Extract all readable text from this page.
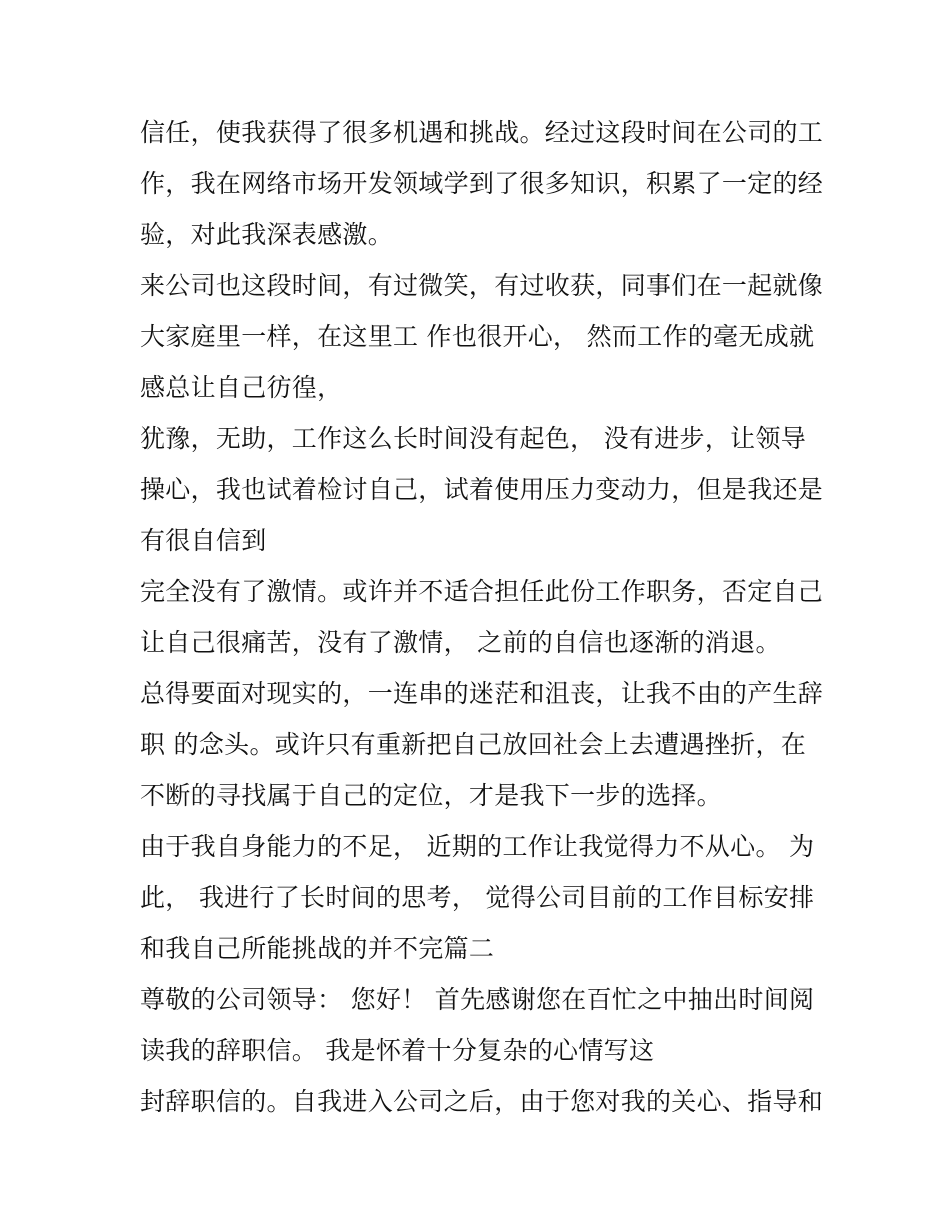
信任，使我获得了很多机遇和挑战。经过这段时间在公司的工
作，我在网络市场开发领域学到了很多知识，积累了一定的经
验，对此我深表感激。
来公司也这段时间，有过微笑，有过收获，同事们在一起就像
大家庭里一样，在这里工 作也很开心， 然而工作的毫无成就
感总让自己彷徨，
犹豫，无助，工作这么长时间没有起色， 没有进步，让领导
操心，我也试着检讨自己，试着使用压力变动力，但是我还是
有很自信到
完全没有了激情。或许并不适合担任此份工作职务，否定自己
让自己很痛苦，没有了激情， 之前的自信也逐渐的消退。
总得要面对现实的，一连串的迷茫和沮丧，让我不由的产生辞
职 的念头。或许只有重新把自己放回社会上去遭遇挫折，在
不断的寻找属于自己的定位，才是我下一步的选择。
由于我自身能力的不足， 近期的工作让我觉得力不从心。 为
此， 我进行了长时间的思考， 觉得公司目前的工作目标安排
和我自己所能挑战的并不完篇二
尊敬的公司领导： 您好！ 首先感谢您在百忙之中抽出时间阅
读我的辞职信。 我是怀着十分复杂的心情写这
封辞职信的。自我进入公司之后，由于您对我的关心、指导和
